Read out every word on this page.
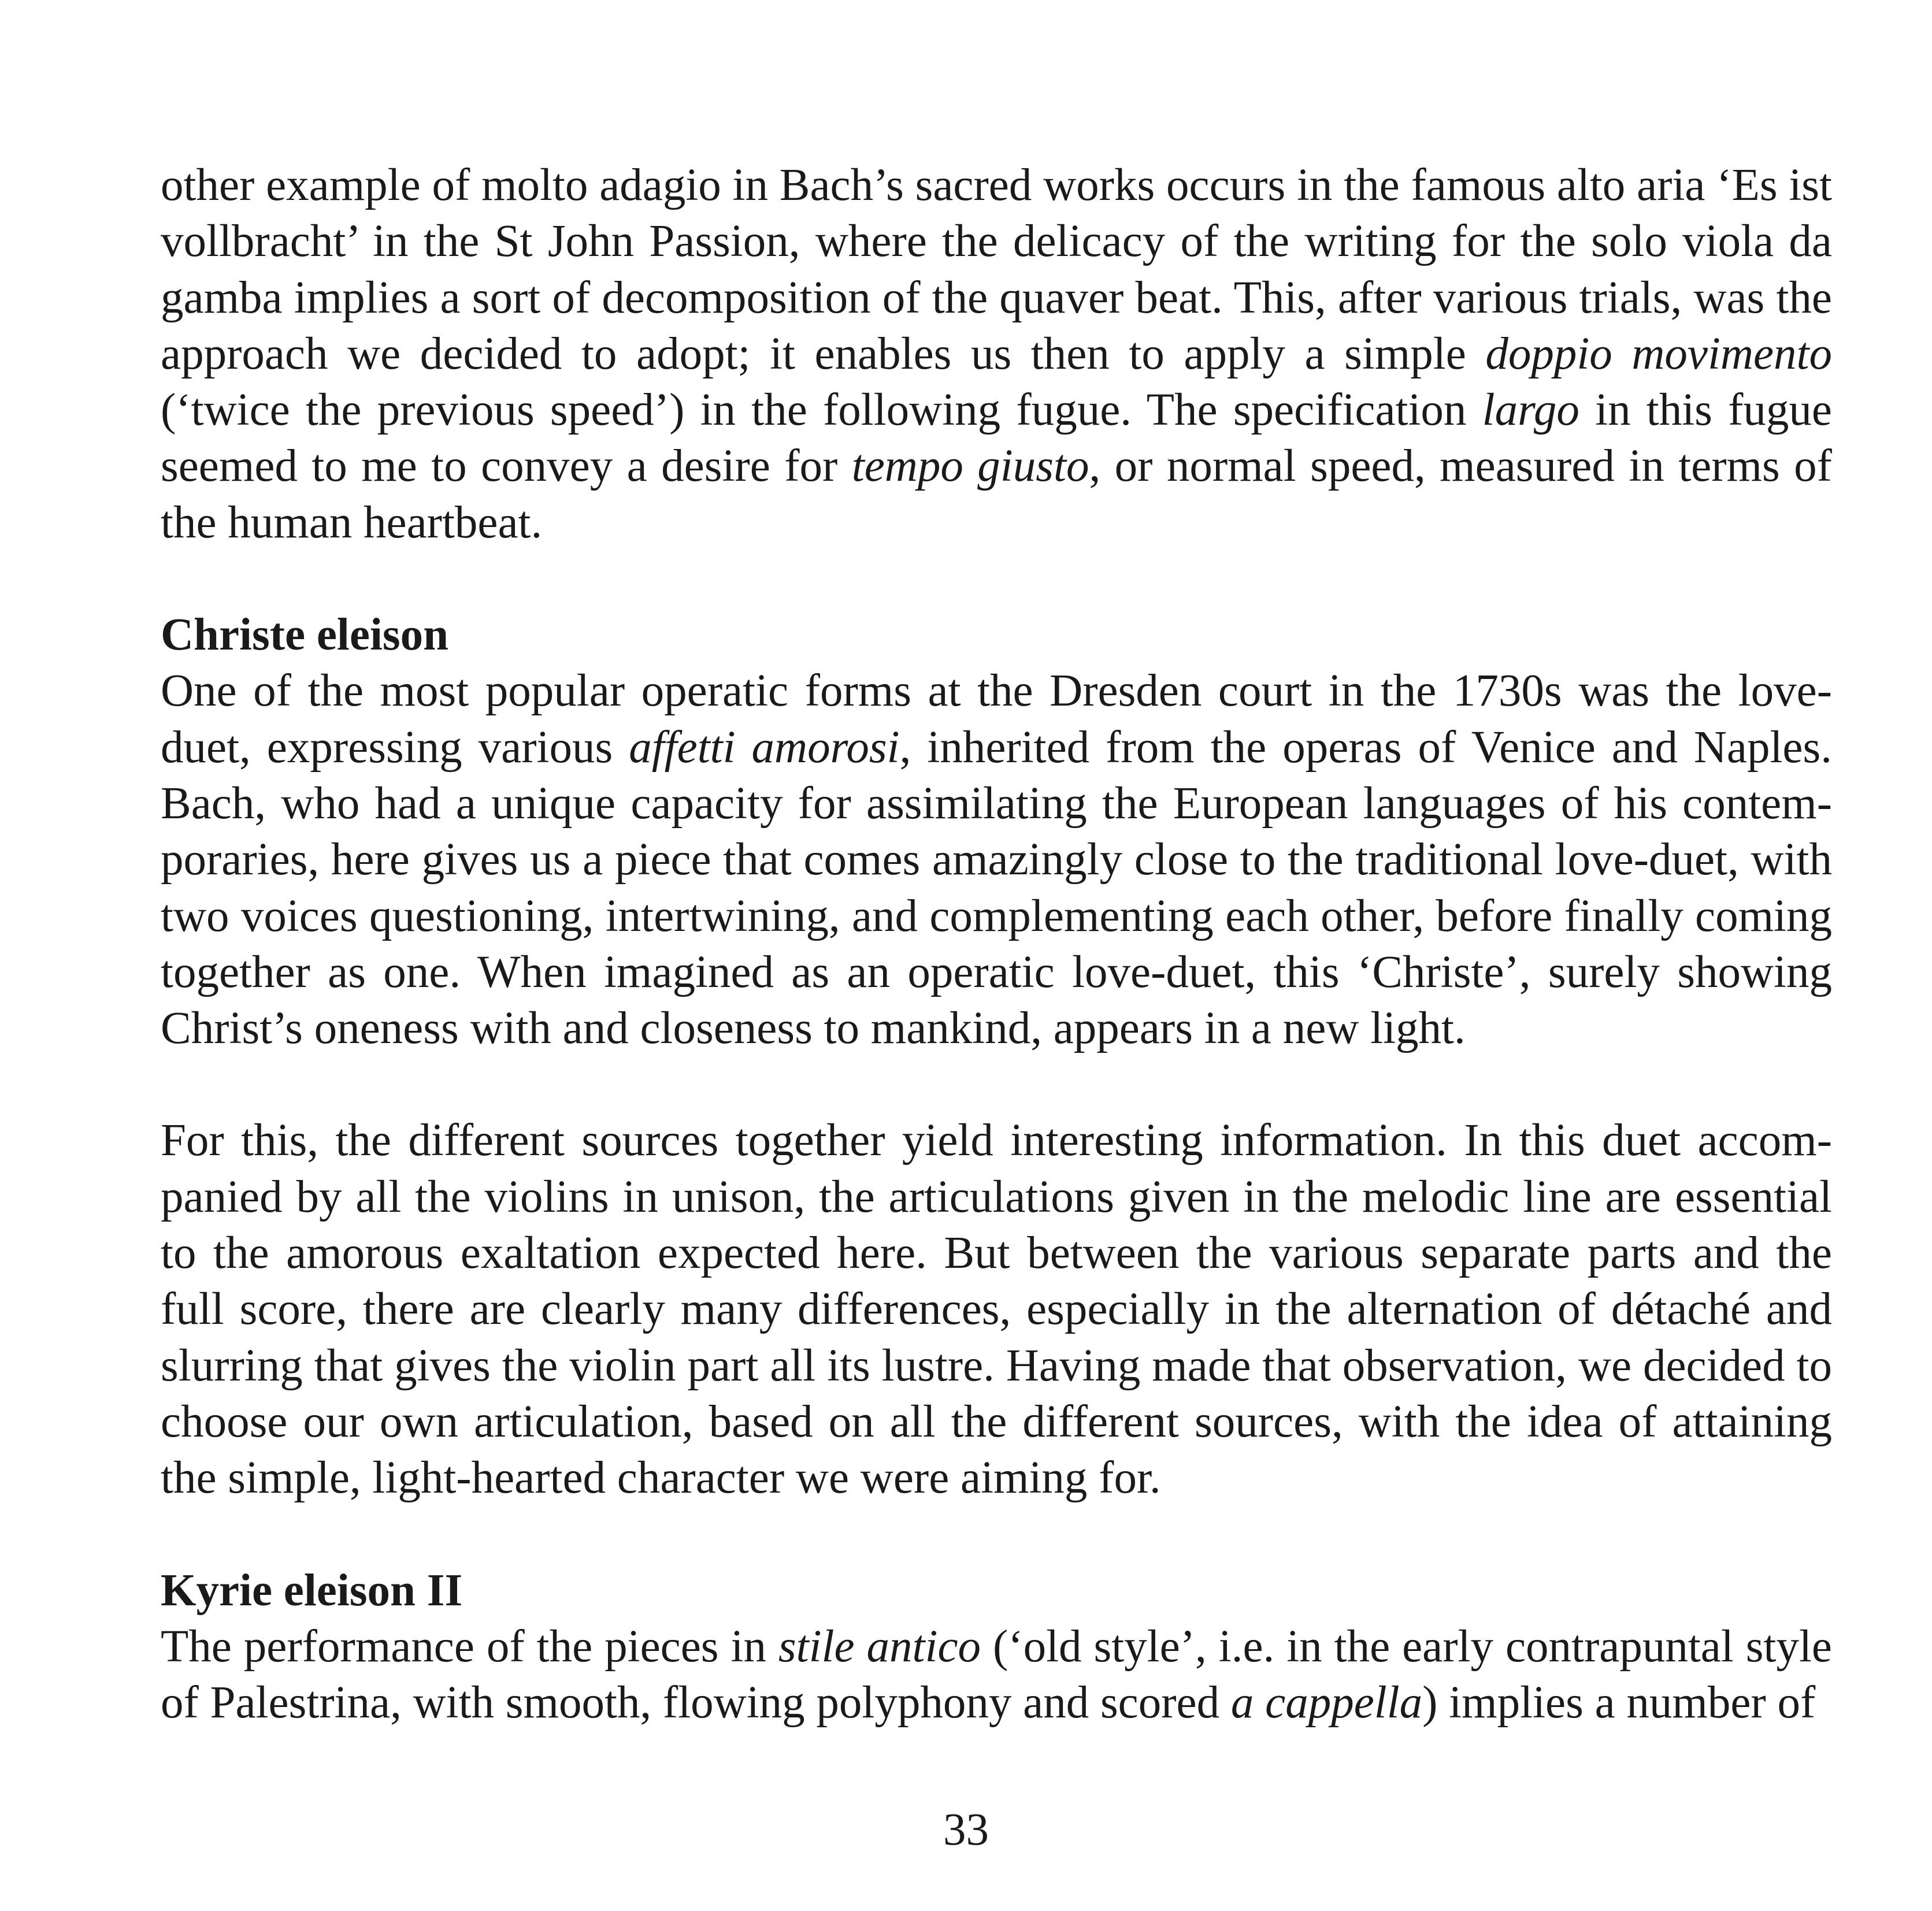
other example of molto adagio in Bach’s sacred works occurs in the famous alto aria ‘Es ist vollbracht’ in the St John Passion, where the delicacy of the writing for the solo viola da gamba implies a sort of decomposition of the quaver beat. This, after various trials, was the approach we decided to adopt; it enables us then to apply a simple doppio movimento (‘twice the previous speed’) in the following fugue. The specification largo in this fugue seemed to me to convey a desire for tempo giusto, or normal speed, measured in terms of the human heartbeat.

Christe eleison

One of the most popular operatic forms at the Dresden court in the 1730s was the love-duet, expressing various affetti amorosi, inherited from the operas of Venice and Naples. Bach, who had a unique capacity for assimilating the European languages of his contemporaries, here gives us a piece that comes amazingly close to the traditional love-duet, with two voices questioning, intertwining, and complementing each other, before finally coming together as one. When imagined as an operatic love-duet, this ‘Christe’, surely showing Christ’s oneness with and closeness to mankind, appears in a new light.

For this, the different sources together yield interesting information. In this duet accompanied by all the violins in unison, the articulations given in the melodic line are essential to the amorous exaltation expected here. But between the various separate parts and the full score, there are clearly many differences, especially in the alternation of détaché and slurring that gives the violin part all its lustre. Having made that observation, we decided to choose our own articulation, based on all the different sources, with the idea of attaining the simple, light-hearted character we were aiming for.

Kyrie eleison II

The performance of the pieces in stile antico (‘old style’, i.e. in the early contrapuntal style of Palestrina, with smooth, flowing polyphony and scored a cappella) implies a number of

33
